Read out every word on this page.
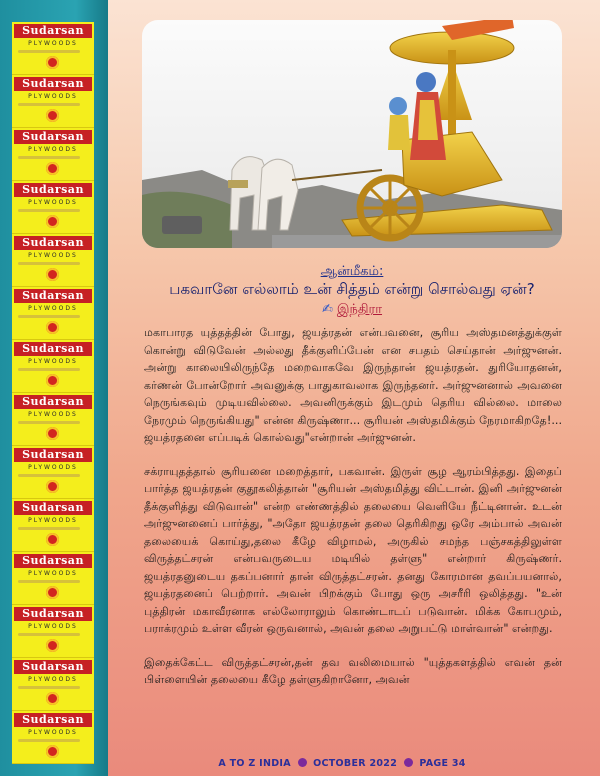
Sudarsan
PLYWOODS
Sudarsan
PLYWOODS
Sudarsan
PLYWOODS
Sudarsan
PLYWOODS
Sudarsan
PLYWOODS
Sudarsan
PLYWOODS
Sudarsan
PLYWOODS
Sudarsan
PLYWOODS
Sudarsan
PLYWOODS
Sudarsan
PLYWOODS
Sudarsan
PLYWOODS
Sudarsan
PLYWOODS
Sudarsan
PLYWOODS
Sudarsan
PLYWOODS
ஆன்மீகம்:
பகவானே எல்லாம் உன் சித்தம் என்று சொல்வது ஏன்?
✍ இந்திரா

மகாபாரத யுத்தத்தின் போது, ஜயத்ரதன் என்பவனை, சூரிய அஸ்தமனத்துக்குள் கொன்று விடுவேன் அல்லது தீக்குளிப்பேன் என சபதம் செய்தான் அர்ஜுனன். அன்று காலையிலிருந்தே மறைவாகவே இருந்தான் ஜயத்ரதன். துரியோதனன், கர்ணன் போன்றோர் அவனுக்கு பாதுகாவலாக இருந்தனர். அர்ஜுனனால் அவனை நெருங்கவும் முடியவில்லை. அவனிருக்கும் இடமும் தெரிய வில்லை. மாலை நேரமும் நெருங்கியது" என்ன கிருஷ்ணா... சூரியன் அஸ்தமிக்கும் நேரமாகிறதே!... ஜயத்ரதனை எப்படிக் கொல்வது"என்றான் அர்ஜுனன்.

சக்ராயுதத்தால் சூரியனை மறைத்தார், பகவான். இருள் சூழ ஆரம்பித்தது. இதைப் பார்த்த ஜயத்ரதன் குதூகலித்தான் "சூரியன் அஸ்தமித்து விட்டான். இனி அர்ஜுனன் தீக்குளித்து விடுவான்" என்ற எண்ணத்தில் தலையை வெளியே நீட்டினான். உடன் அர்ஜுனனைப் பார்த்து, "அதோ ஜயத்ரதன் தலை தெரிகிறது ஒரே அம்பால் அவன் தலையைக் கொய்து,தலை கீழே விழாமல், அருகில் சமந்த பஞ்சகத்திலுள்ள விருத்தட்சரன் என்பவருடைய மடியில் தள்ளு" என்றார் கிருஷ்ணர். ஜயத்ரதனுடைய தகப்பனார் தான் விருத்தட்சரன். தனது கோரமான தவப்பயனால், ஜயத்ரதனைப் பெற்றார். அவன் பிறக்கும் போது ஒரு அசரீரி ஒலித்தது. "உன் புத்திரன் மகாவீரனாக எல்லோராலும் கொண்டாடப் படுவான். மிக்க கோபமும், பராக்ரமும் உள்ள வீரன் ஒருவனால், அவன் தலை அறுபட்டு மாள்வான்" என்றது.

இதைக்கேட்ட விருத்தட்சரன்,தன் தவ வலிமையால் "யுத்தகளத்தில் எவன் தன் பிள்ளையின் தலையை கீழே தள்ளுகிறானோ, அவன்

A TO Z INDIA OCTOBER 2022 PAGE 34
